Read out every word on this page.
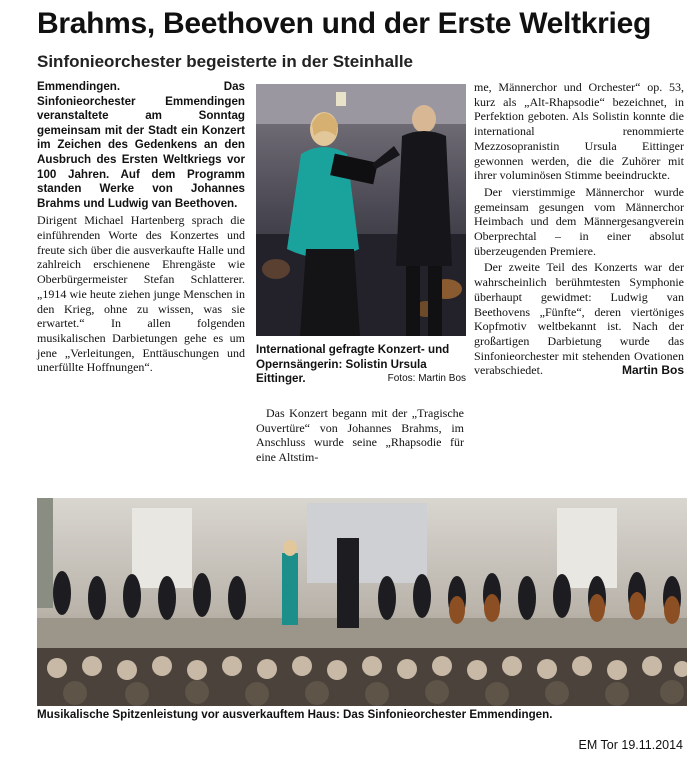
Brahms, Beethoven und der Erste Weltkrieg
Sinfonieorchester begeisterte in der Steinhalle

Emmendingen. Das Sinfonieorchester Emmendingen veranstaltete am Sonntag gemeinsam mit der Stadt ein Konzert im Zeichen des Gedenkens an den Ausbruch des Ersten Weltkriegs vor 100 Jahren. Auf dem Programm standen Werke von Johannes Brahms und Ludwig van Beethoven.

Dirigent Michael Hartenberg sprach die einführenden Worte des Konzertes und freute sich über die ausverkaufte Halle und zahlreich erschienene Ehrengäste wie Oberbürgermeister Stefan Schlatterer. „1914 wie heute ziehen junge Menschen in den Krieg, ohne zu wissen, was sie erwartet.“ In allen folgenden musikalischen Darbietungen gehe es um jene „Verleitungen, Enttäuschungen und unerfüllte Hoffnungen“.

International gefragte Konzert- und Opernsängerin: Solistin Ursula Eittinger.	Fotos: Martin Bos

Das Konzert begann mit der „Tragische Ouvertüre“ von Johannes Brahms, im Anschluss wurde seine „Rhapsodie für eine Altstim-

me, Männerchor und Orchester“ op. 53, kurz als „Alt-Rhapsodie“ bezeichnet, in Perfektion geboten. Als Solistin konnte die international renommierte Mezzosopranistin Ursula Eittinger gewonnen werden, die die Zuhörer mit ihrer voluminösen Stimme beeindruckte.

Der vierstimmige Männerchor wurde gemeinsam gesungen vom Männerchor Heimbach und dem Männergesangverein Oberprechtal – in einer absolut überzeugenden Premiere.

Der zweite Teil des Konzerts war der wahrscheinlich berühmtesten Symphonie überhaupt gewidmet: Ludwig van Beethovens „Fünfte“, deren viertöniges Kopfmotiv weltbekannt ist. Nach der großartigen Darbietung wurde das Sinfonieorchester mit stehenden Ovationen verabschiedet.	Martin Bos

Musikalische Spitzenleistung vor ausverkauftem Haus: Das Sinfonieorchester Emmendingen.
EM Tor 19.11.2014
